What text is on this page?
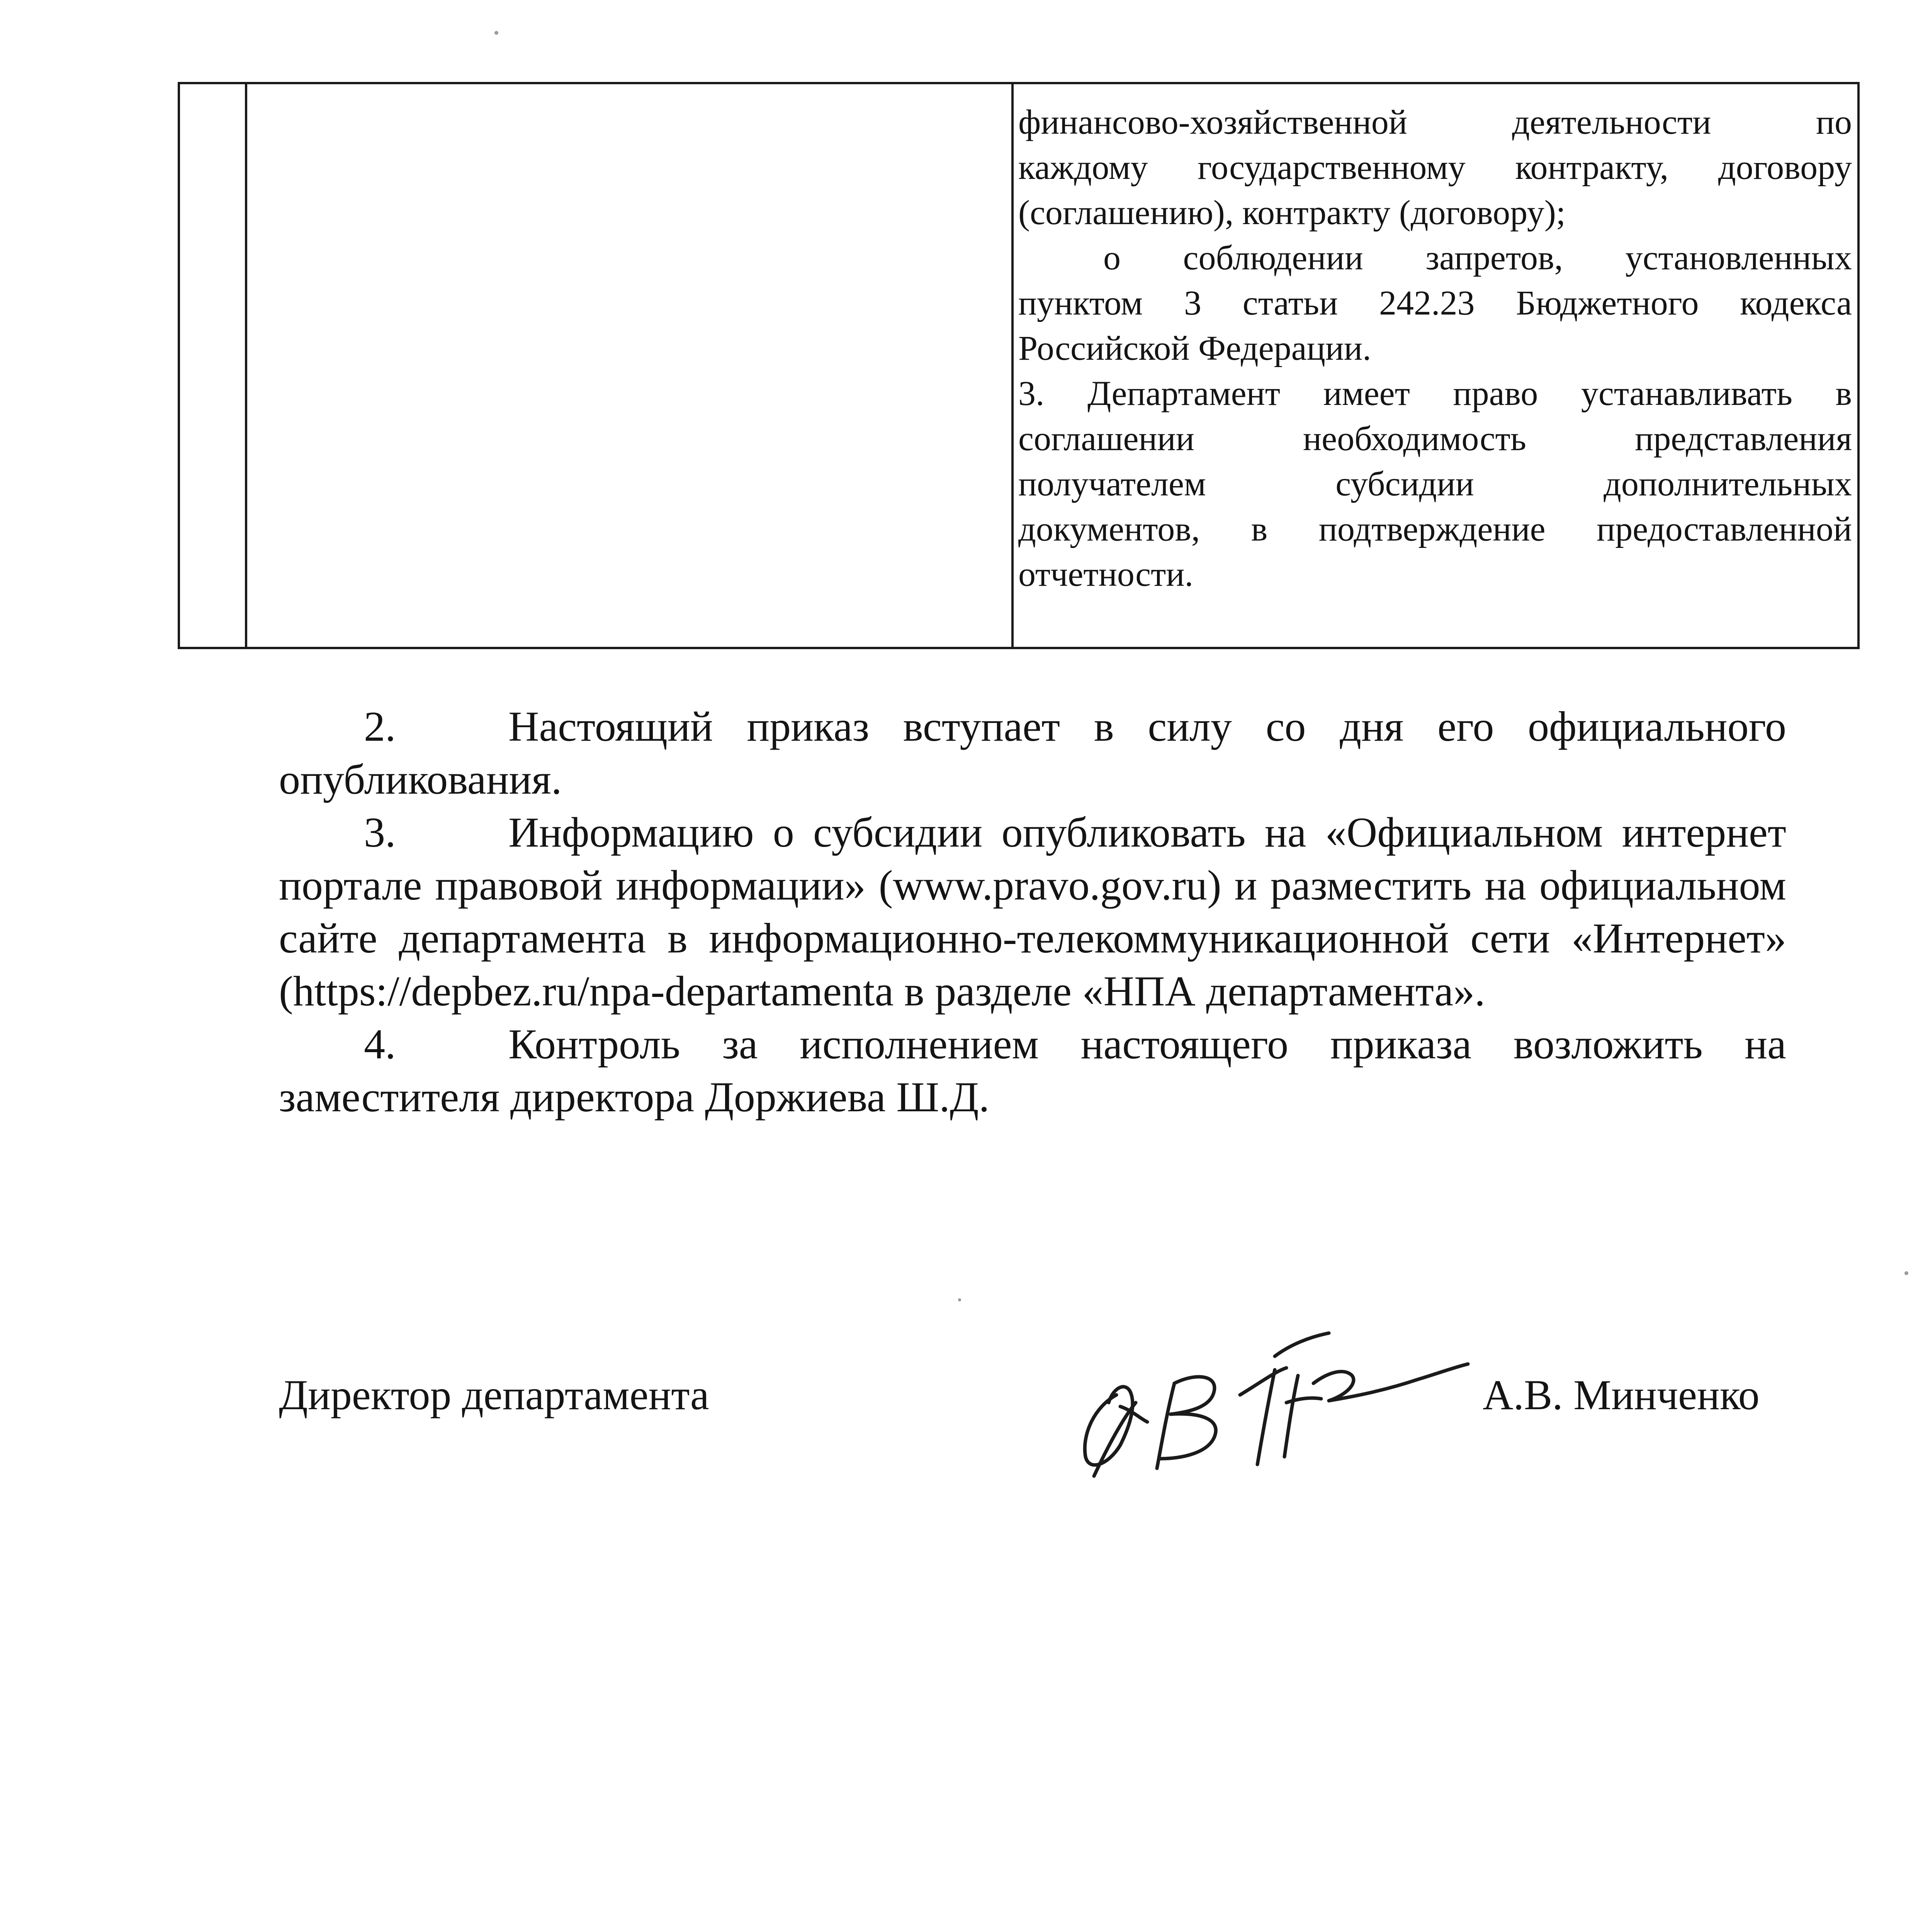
финансово-хозяйственной деятельности по

каждому государственному контракту, договору

(соглашению), контракту (договору);

о соблюдении запретов, установленных

пунктом 3 статьи 242.23 Бюджетного кодекса

Российской Федерации.

3. Департамент имеет право устанавливать в

соглашении необходимость представления

получателем субсидии дополнительных

документов, в подтверждение предоставленной

отчетности.

2.	Настоящий приказ вступает в силу со дня его официального опубликования.

3.	Информацию о субсидии опубликовать на «Официальном интернет портале правовой информации» (www.pravo.gov.ru) и разместить на официальном сайте департамента в информационно-телекоммуникационной сети «Интернет» (https://depbez.ru/npa-departamenta в разделе «НПА департамента».

4.	Контроль за исполнением настоящего приказа возложить на заместителя директора Доржиева Ш.Д.

Директор департамента	А.В. Минченко
